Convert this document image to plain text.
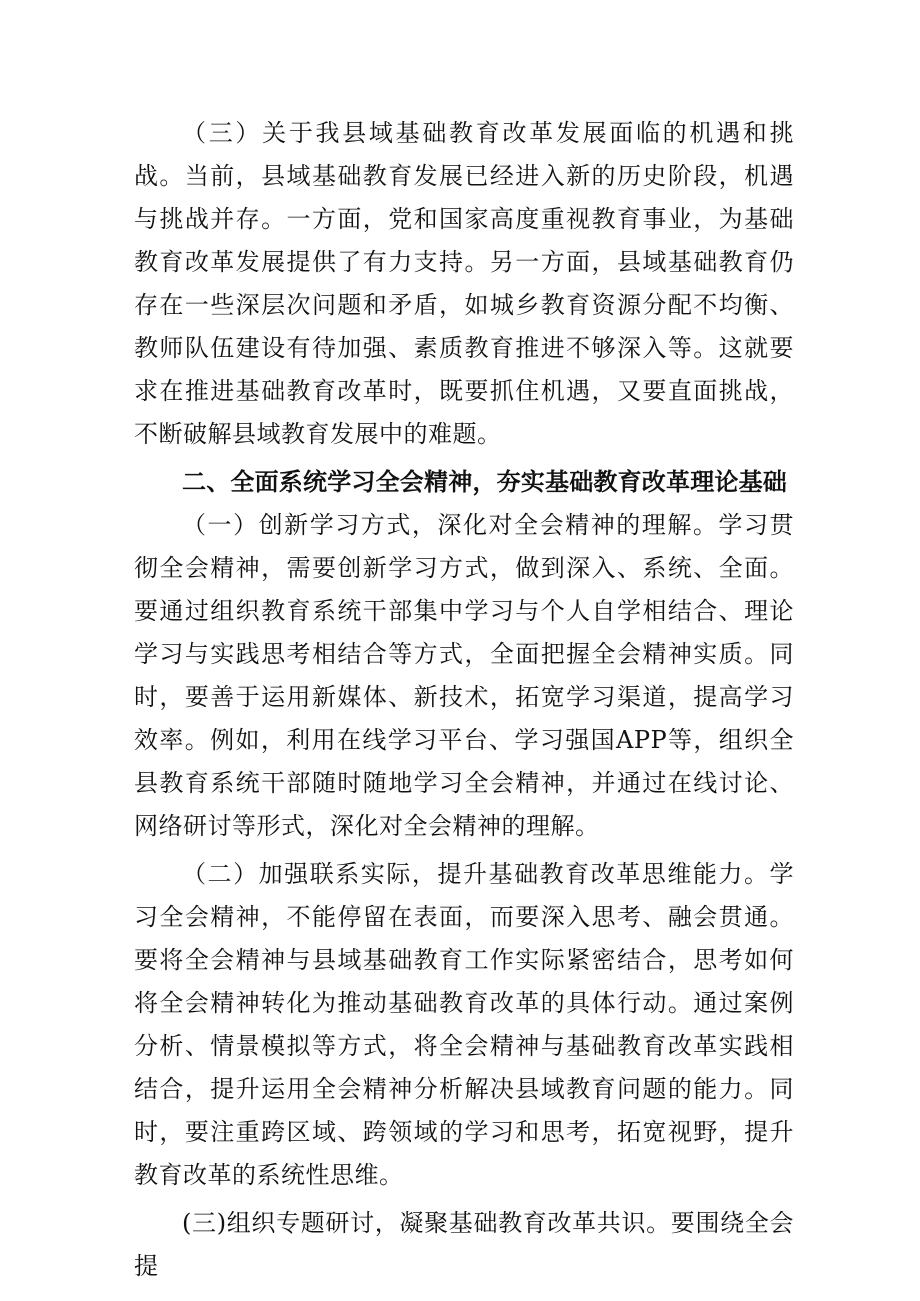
（三）关于我县域基础教育改革发展面临的机遇和挑战。当前，县域基础教育发展已经进入新的历史阶段，机遇与挑战并存。一方面，党和国家高度重视教育事业，为基础教育改革发展提供了有力支持。另一方面，县域基础教育仍存在一些深层次问题和矛盾，如城乡教育资源分配不均衡、教师队伍建设有待加强、素质教育推进不够深入等。这就要求在推进基础教育改革时，既要抓住机遇，又要直面挑战，不断破解县域教育发展中的难题。

二、全面系统学习全会精神，夯实基础教育改革理论基础

（一）创新学习方式，深化对全会精神的理解。学习贯彻全会精神，需要创新学习方式，做到深入、系统、全面。要通过组织教育系统干部集中学习与个人自学相结合、理论学习与实践思考相结合等方式，全面把握全会精神实质。同时，要善于运用新媒体、新技术，拓宽学习渠道，提高学习效率。例如，利用在线学习平台、学习强国APP等，组织全县教育系统干部随时随地学习全会精神，并通过在线讨论、网络研讨等形式，深化对全会精神的理解。

（二）加强联系实际，提升基础教育改革思维能力。学习全会精神，不能停留在表面，而要深入思考、融会贯通。要将全会精神与县域基础教育工作实际紧密结合，思考如何将全会精神转化为推动基础教育改革的具体行动。通过案例分析、情景模拟等方式，将全会精神与基础教育改革实践相结合，提升运用全会精神分析解决县域教育问题的能力。同时，要注重跨区域、跨领域的学习和思考，拓宽视野，提升教育改革的系统性思维。

(三)组织专题研讨，凝聚基础教育改革共识。要围绕全会提
